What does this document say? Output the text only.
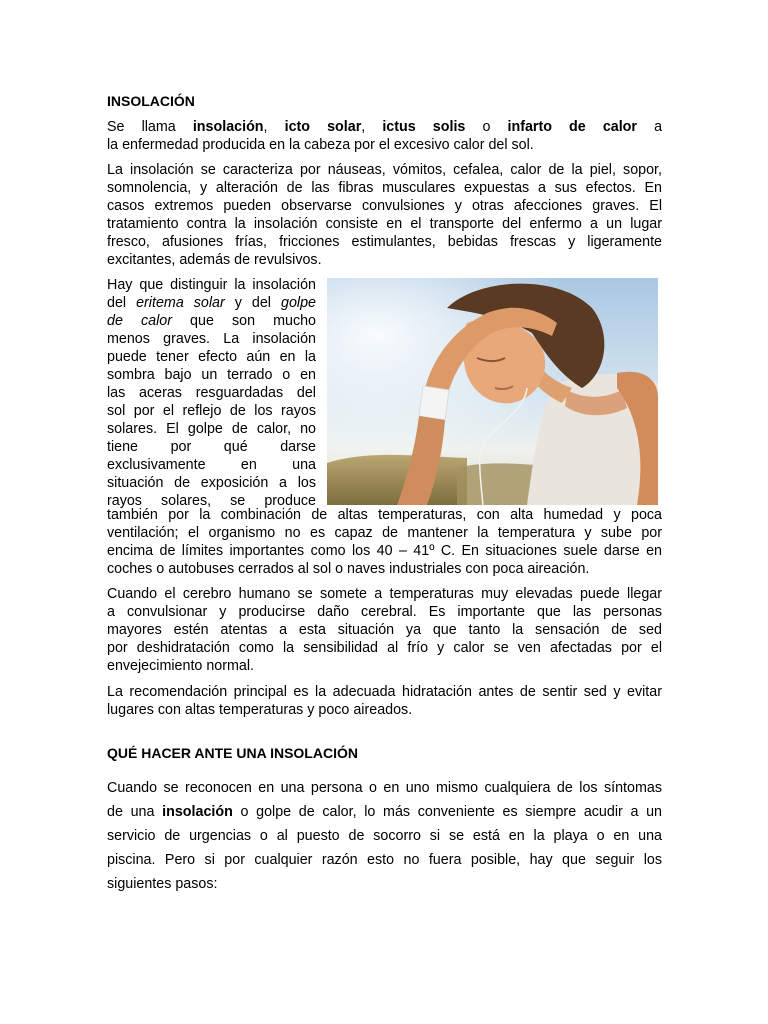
INSOLACIÓN
Se llama insolación, icto solar, ictus solis o infarto de calor a
la enfermedad producida en la cabeza por el excesivo calor del sol.
La insolación se caracteriza por náuseas, vómitos, cefalea, calor de la piel, sopor,
somnolencia, y alteración de las fibras musculares expuestas a sus efectos. En
casos extremos pueden observarse convulsiones y otras afecciones graves. El
tratamiento contra la insolación consiste en el transporte del enfermo a un lugar
fresco, afusiones frías, fricciones estimulantes, bebidas frescas y ligeramente
excitantes, además de revulsivos.
Hay que distinguir la insolación
del eritema solar y del golpe
de calor que son mucho
menos graves. La insolación
puede tener efecto aún en la
sombra bajo un terrado o en
las aceras resguardadas del
sol por el reflejo de los rayos
solares. El golpe de calor, no
tiene por qué darse
exclusivamente en una
situación de exposición a los
rayos solares, se produce
también por la combinación de altas temperaturas, con alta humedad y poca
ventilación; el organismo no es capaz de mantener la temperatura y sube por
encima de límites importantes como los 40 – 41º C. En situaciones suele darse en
coches o autobuses cerrados al sol o naves industriales con poca aireación.
Cuando el cerebro humano se somete a temperaturas muy elevadas puede llegar
a convulsionar y producirse daño cerebral. Es importante que las personas
mayores estén atentas a esta situación ya que tanto la sensación de sed
por deshidratación como la sensibilidad al frío y calor se ven afectadas por el
envejecimiento normal.
La recomendación principal es la adecuada hidratación antes de sentir sed y evitar
lugares con altas temperaturas y poco aireados.
QUÉ HACER ANTE UNA INSOLACIÓN
Cuando se reconocen en una persona o en uno mismo cualquiera de los síntomas
de una insolación o golpe de calor, lo más conveniente es siempre acudir a un
servicio de urgencias o al puesto de socorro si se está en la playa o en una
piscina. Pero si por cualquier razón esto no fuera posible, hay que seguir los
siguientes pasos:
